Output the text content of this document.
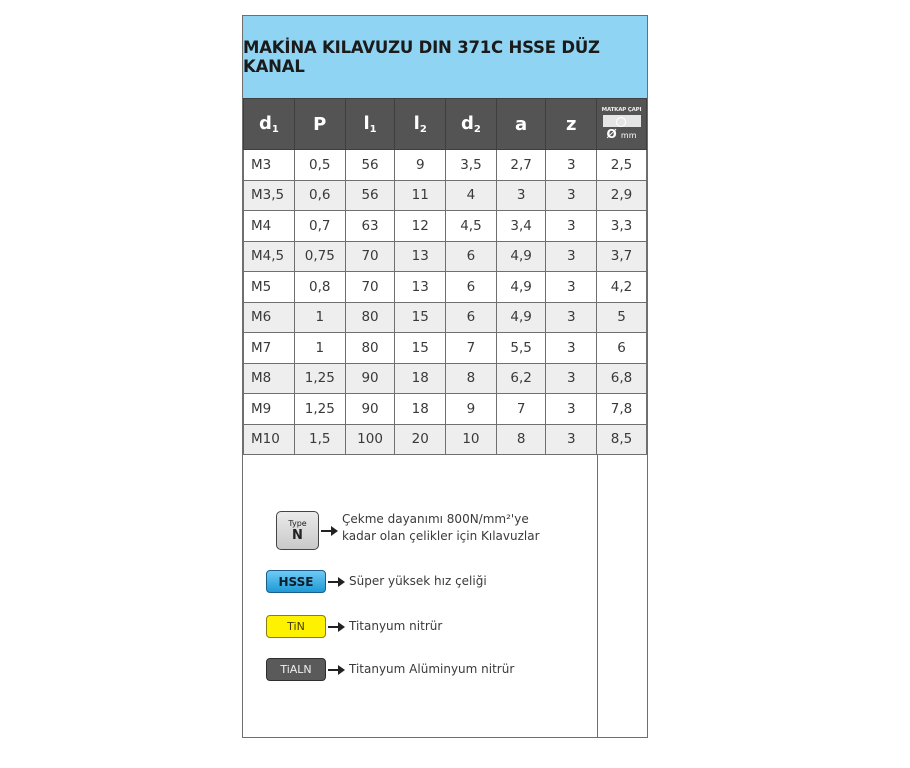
MAKİNA KILAVUZU DIN 371C HSSE DÜZ KANAL
$d_1$	P	$l_1$	$l_2$	$d_2$	a	z	MATKAP ÇAPI
Ø mm

M3	0,5	56	9	3,5	2,7	3	2,5
M3,5	0,6	56	11	4	3	3	2,9
M4	0,7	63	12	4,5	3,4	3	3,3
M4,5	0,75	70	13	6	4,9	3	3,7
M5	0,8	70	13	6	4,9	3	4,2
M6	1	80	15	6	4,9	3	5
M7	1	80	15	7	5,5	3	6
M8	1,25	90	18	8	6,2	3	6,8
M9	1,25	90	18	9	7	3	7,8
M10	1,5	100	20	10	8	3	8,5
Type
N
Çekme dayanımı 800N/mm²'ye
kadar olan çelikler için Kılavuzlar
HSSE	Süper yüksek hız çeliği
TiN	Titanyum nitrür
TiALN	Titanyum Alüminyum nitrür
